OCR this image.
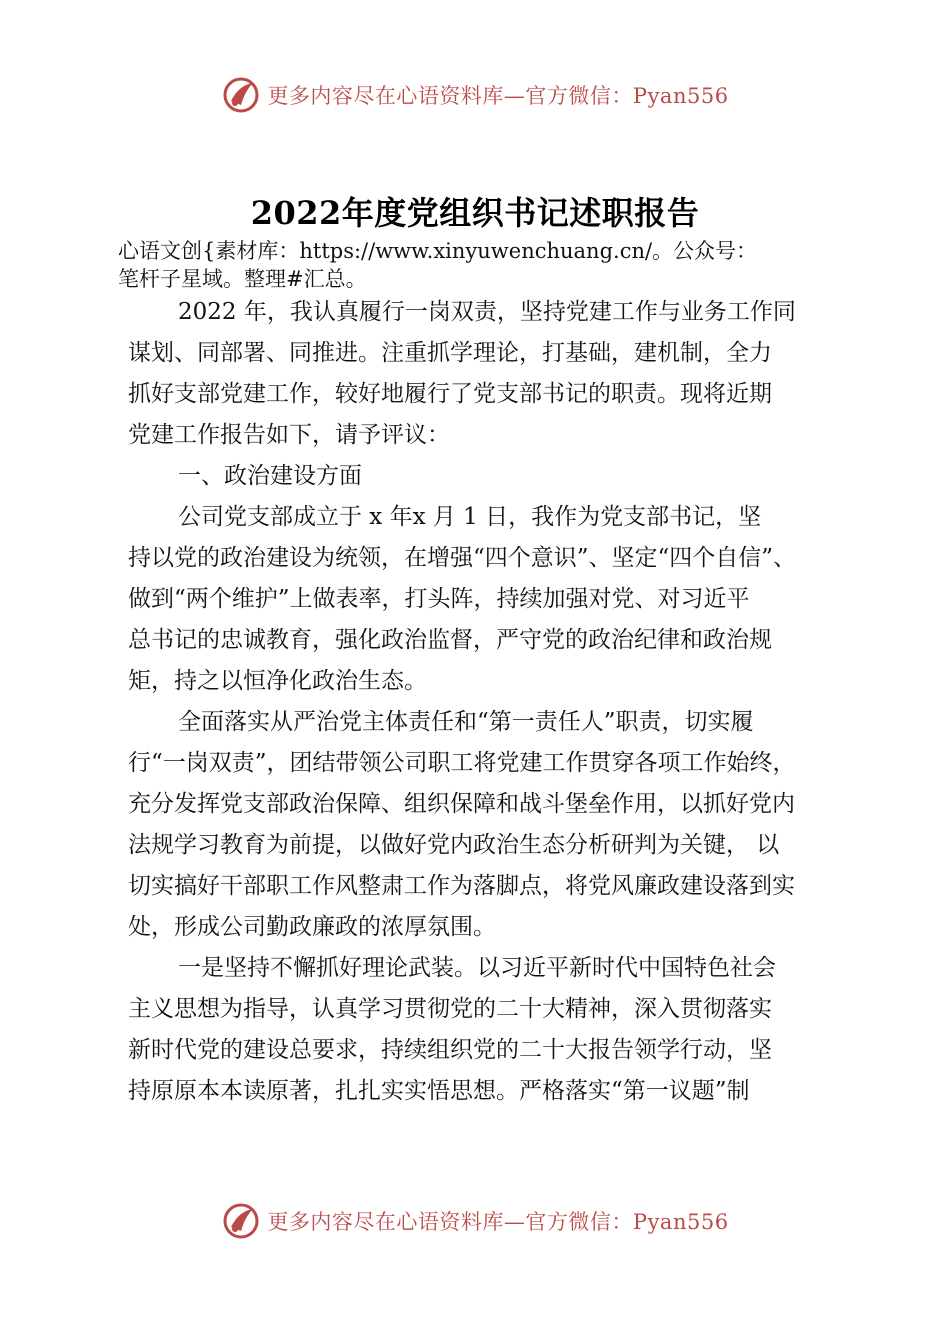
更多内容尽在心语资料库—官方微信：Pyan556
2022年度党组织书记述职报告
心语文创{素材库：https://www.xinyuwenchuang.cn/。公众号：
笔杆子星域。整理#汇总。
2022 年，我认真履行一岗双责，坚持党建工作与业务工作同
谋划、同部署、同推进。注重抓学理论，打基础，建机制，全力
抓好支部党建工作，较好地履行了党支部书记的职责。现将近期
党建工作报告如下，请予评议：
一、政治建设方面
公司党支部成立于 x 年x 月 1 日，我作为党支部书记，坚
持以党的政治建设为统领，在增强“四个意识”、坚定“四个自信”、
做到“两个维护”上做表率，打头阵，持续加强对党、对习近平
总书记的忠诚教育，强化政治监督，严守党的政治纪律和政治规
矩，持之以恒净化政治生态。
全面落实从严治党主体责任和“第一责任人”职责，切实履
行“一岗双责”，团结带领公司职工将党建工作贯穿各项工作始终，
充分发挥党支部政治保障、组织保障和战斗堡垒作用，以抓好党内
法规学习教育为前提，以做好党内政治生态分析研判为关键， 以
切实搞好干部职工作风整肃工作为落脚点，将党风廉政建设落到实
处，形成公司勤政廉政的浓厚氛围。
一是坚持不懈抓好理论武装。以习近平新时代中国特色社会
主义思想为指导，认真学习贯彻党的二十大精神，深入贯彻落实
新时代党的建设总要求，持续组织党的二十大报告领学行动，坚
持原原本本读原著，扎扎实实悟思想。严格落实“第一议题”制
更多内容尽在心语资料库—官方微信：Pyan556
